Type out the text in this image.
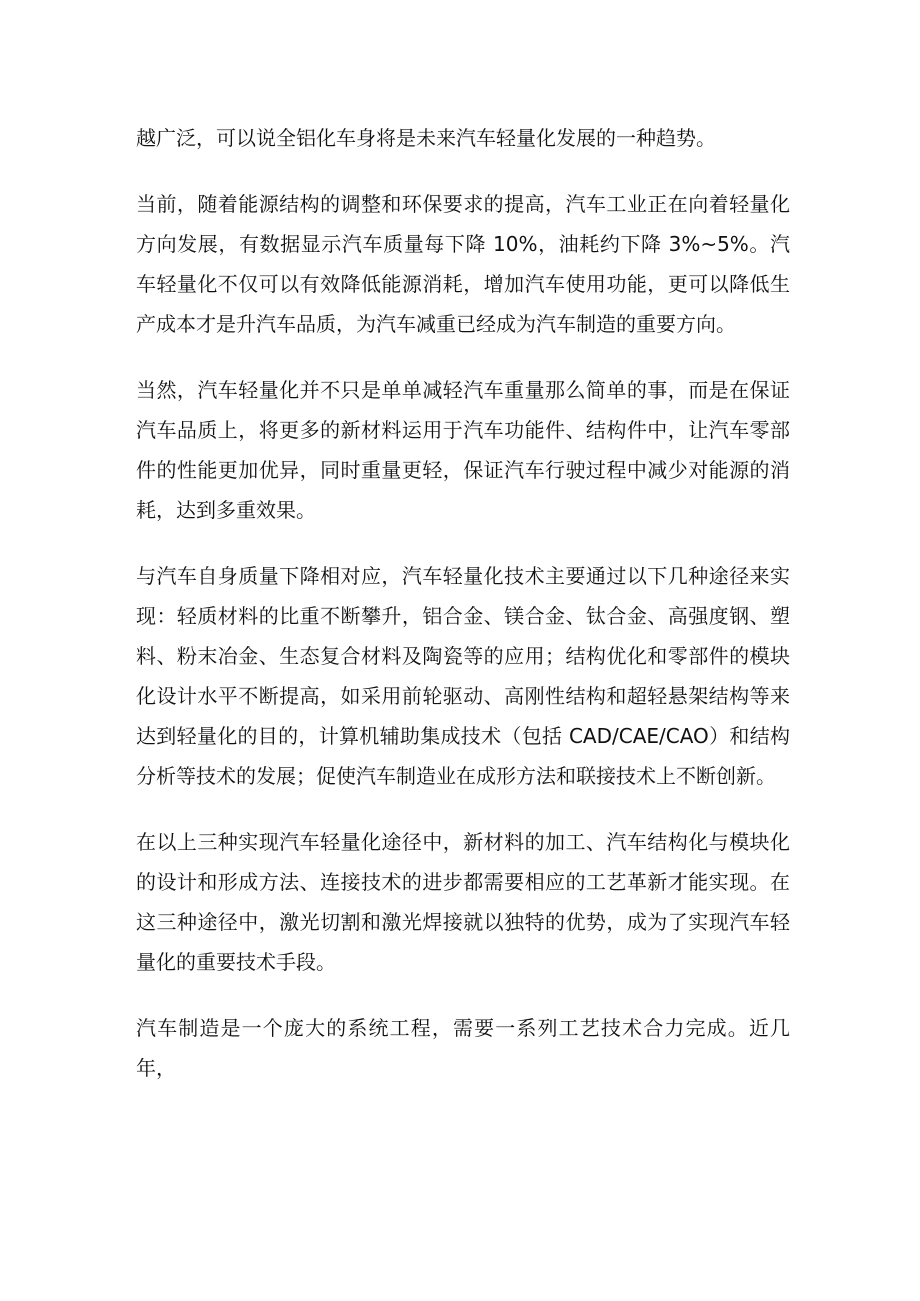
越广泛，可以说全铝化车身将是未来汽车轻量化发展的一种趋势。

当前，随着能源结构的调整和环保要求的提高，汽车工业正在向着轻量化方向发展，有数据显示汽车质量每下降 10%，油耗约下降 3%~5%。汽车轻量化不仅可以有效降低能源消耗，增加汽车使用功能，更可以降低生产成本才是升汽车品质，为汽车减重已经成为汽车制造的重要方向。

当然，汽车轻量化并不只是单单减轻汽车重量那么简单的事，而是在保证汽车品质上，将更多的新材料运用于汽车功能件、结构件中，让汽车零部件的性能更加优异，同时重量更轻，保证汽车行驶过程中减少对能源的消耗，达到多重效果。

与汽车自身质量下降相对应，汽车轻量化技术主要通过以下几种途径来实现：轻质材料的比重不断攀升，铝合金、镁合金、钛合金、高强度钢、塑料、粉末冶金、生态复合材料及陶瓷等的应用；结构优化和零部件的模块化设计水平不断提高，如采用前轮驱动、高刚性结构和超轻悬架结构等来达到轻量化的目的，计算机辅助集成技术（包括 CAD/CAE/CAO）和结构分析等技术的发展；促使汽车制造业在成形方法和联接技术上不断创新。

在以上三种实现汽车轻量化途径中，新材料的加工、汽车结构化与模块化的设计和形成方法、连接技术的进步都需要相应的工艺革新才能实现。在这三种途径中，激光切割和激光焊接就以独特的优势，成为了实现汽车轻量化的重要技术手段。

汽车制造是一个庞大的系统工程，需要一系列工艺技术合力完成。近几年，
